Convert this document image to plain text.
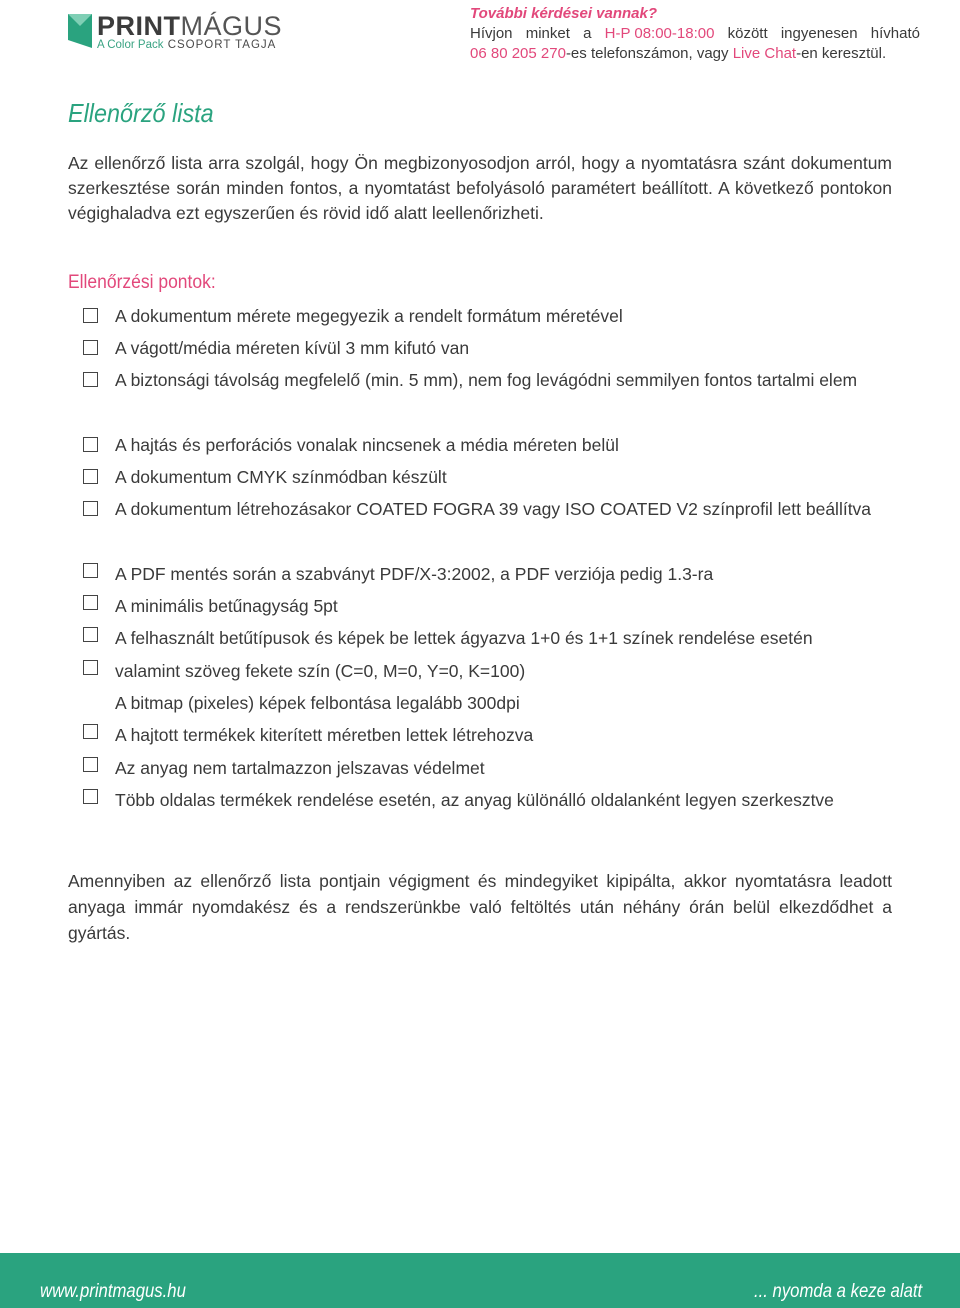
PRINTMÁGUS
A Color Pack CSOPORT TAGJA
További kérdései vannak?
Hívjon minket a H-P 08:00-18:00 között ingyenesen hívható
06 80 205 270-es telefonszámon, vagy Live Chat-en keresztül.
Ellenőrző lista

Az ellenőrző lista arra szolgál, hogy Ön megbizonyosodjon arról, hogy a nyomtatásra szánt dokumentum szerkesztése során minden fontos, a nyomtatást befolyásoló paramétert beállított. A következő pontokon végighaladva ezt egyszerűen és rövid idő alatt leellenőrizheti.

Ellenőrzési pontok:
A dokumentum mérete megegyezik a rendelt formátum méretével
A vágott/média méreten kívül 3 mm kifutó van
A biztonsági távolság megfelelő (min. 5 mm), nem fog levágódni semmilyen fontos tartalmi elem
A hajtás és perforációs vonalak nincsenek a média méreten belül
A dokumentum CMYK színmódban készült
A dokumentum létrehozásakor COATED FOGRA 39 vagy ISO COATED V2 színprofil lett beállítva
A PDF mentés során a szabványt PDF/X-3:2002, a PDF verziója pedig 1.3-ra
A minimális betűnagyság 5pt
A felhasznált betűtípusok és képek be lettek ágyazva 1+0 és 1+1 színek rendelése esetén
valamint szöveg fekete szín (C=0, M=0, Y=0, K=100)
A bitmap (pixeles) képek felbontása legalább 300dpi
A hajtott termékek kiterített méretben lettek létrehozva
Az anyag nem tartalmazzon jelszavas védelmet
Több oldalas termékek rendelése esetén, az anyag különálló oldalanként legyen szerkesztve

Amennyiben az ellenőrző lista pontjain végigment és mindegyiket kipipálta, akkor nyomtatásra leadott anyaga immár nyomdakész és a rendszerünkbe való feltöltés után néhány órán belül elkezdődhet a gyártás.

www.printmagus.hu	... nyomda a keze alatt
